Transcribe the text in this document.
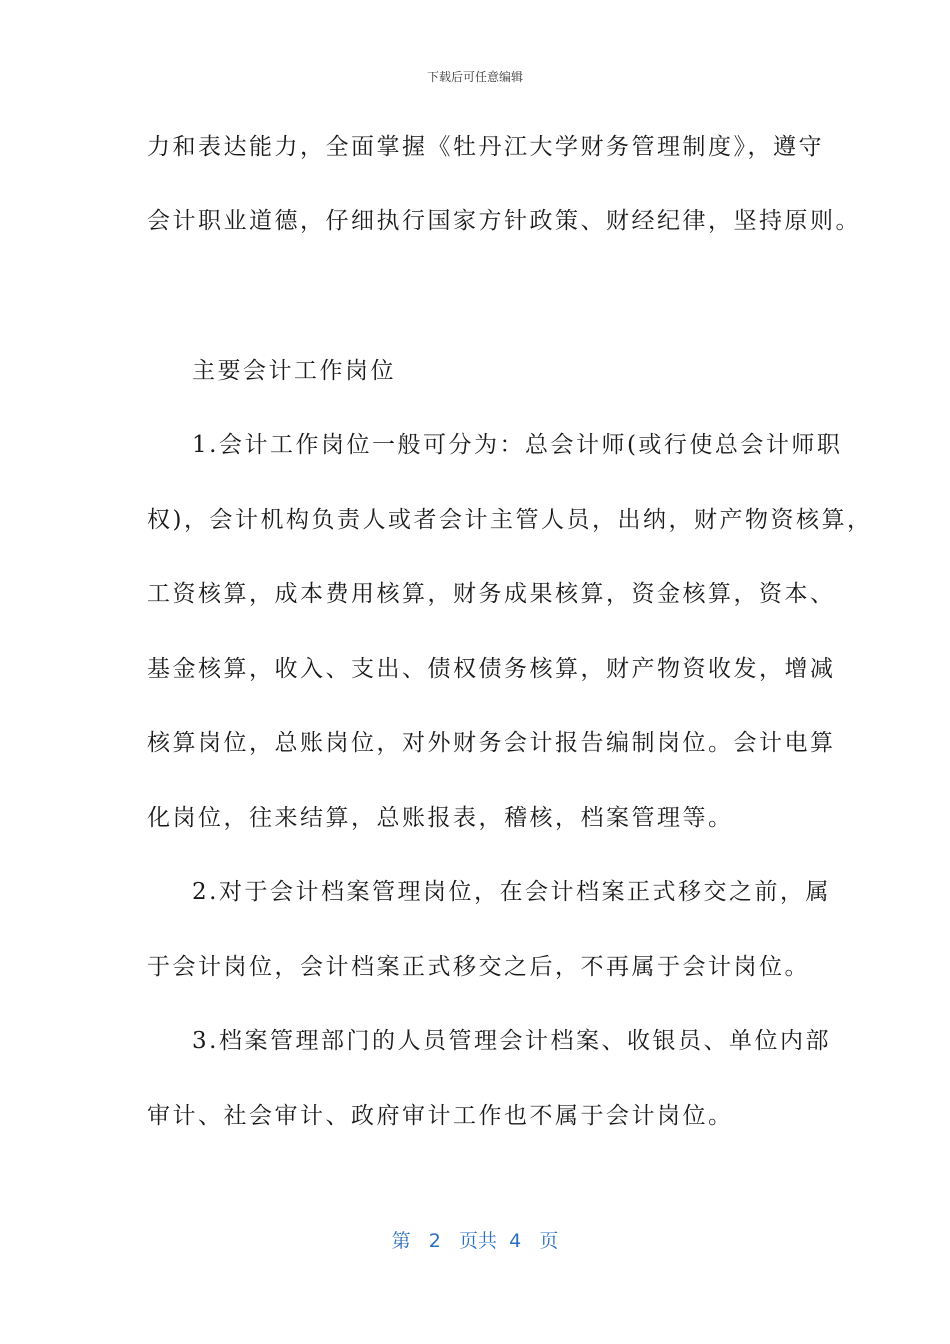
下载后可任意编辑
力和表达能力，全面掌握《牡丹江大学财务管理制度》，遵守
会计职业道德，仔细执行国家方针政策、财经纪律，坚持原则。
主要会计工作岗位
1.会计工作岗位一般可分为：总会计师(或行使总会计师职
权)，会计机构负责人或者会计主管人员，出纳，财产物资核算，
工资核算，成本费用核算，财务成果核算，资金核算，资本、
基金核算，收入、支出、债权债务核算，财产物资收发，增减
核算岗位，总账岗位，对外财务会计报告编制岗位。会计电算
化岗位，往来结算，总账报表，稽核，档案管理等。
2.对于会计档案管理岗位，在会计档案正式移交之前，属
于会计岗位，会计档案正式移交之后，不再属于会计岗位。
3.档案管理部门的人员管理会计档案、收银员、单位内部
审计、社会审计、政府审计工作也不属于会计岗位。
第 2 页共 4 页
